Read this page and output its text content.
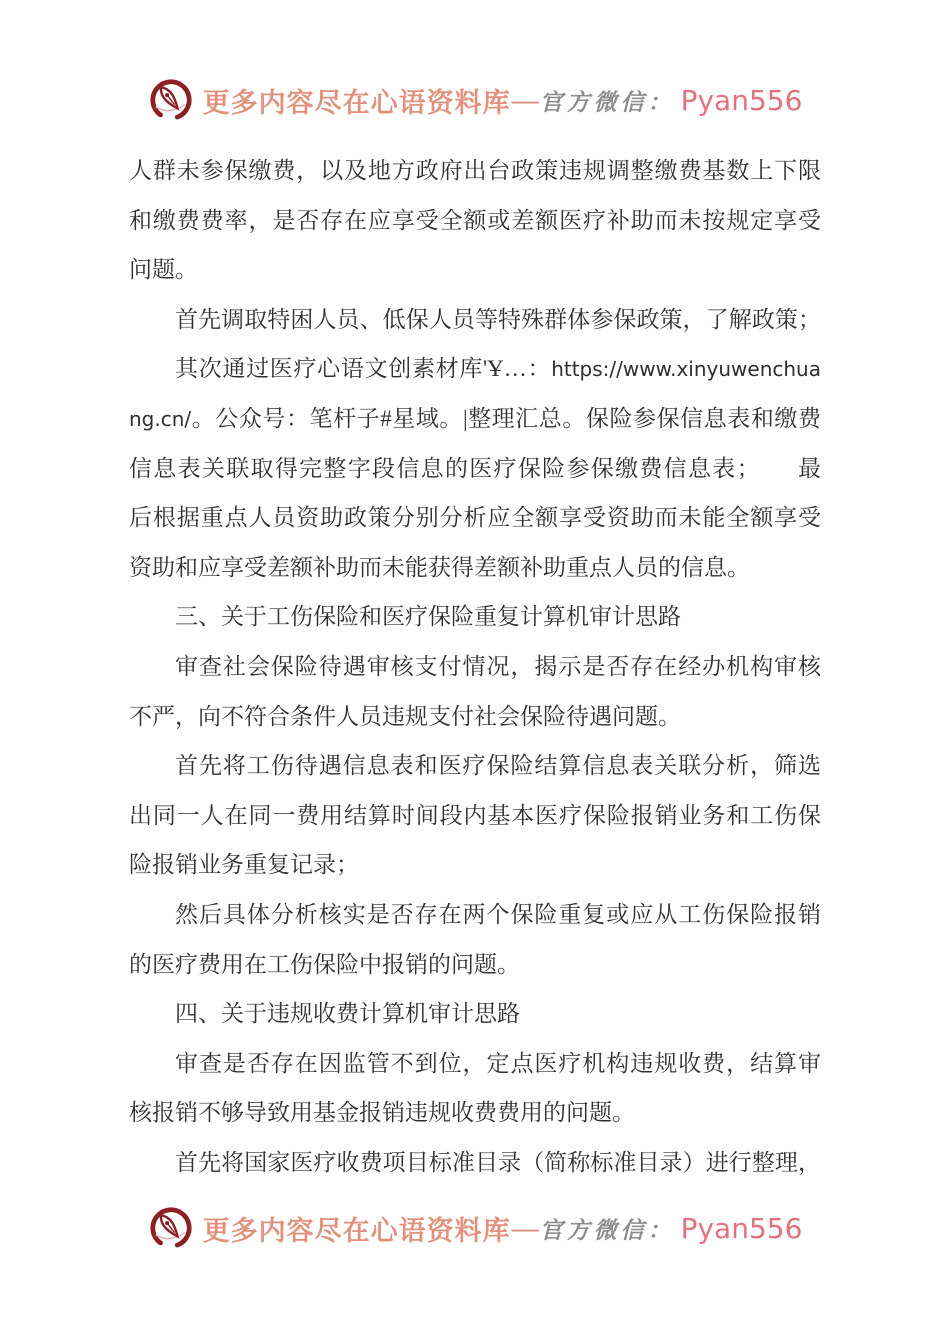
更多内容尽在心语资料库 — 官方微信： Pyan556
人群未参保缴费，以及地方政府出台政策违规调整缴费基数上下限
和缴费费率，是否存在应享受全额或差额医疗补助而未按规定享受
问题。
首先调取特困人员、低保人员等特殊群体参保政策，了解政策；
其次通过医疗心语文创素材库'Ұ…：https://www.xinyuwenchua
ng.cn/。公众号：笔杆子#星域。|整理汇总。保险参保信息表和缴费
信息表关联取得完整字段信息的医疗保险参保缴费信息表；　　最
后根据重点人员资助政策分别分析应全额享受资助而未能全额享受
资助和应享受差额补助而未能获得差额补助重点人员的信息。
三、关于工伤保险和医疗保险重复计算机审计思路
审查社会保险待遇审核支付情况，揭示是否存在经办机构审核
不严，向不符合条件人员违规支付社会保险待遇问题。
首先将工伤待遇信息表和医疗保险结算信息表关联分析，筛选
出同一人在同一费用结算时间段内基本医疗保险报销业务和工伤保
险报销业务重复记录；
然后具体分析核实是否存在两个保险重复或应从工伤保险报销
的医疗费用在工伤保险中报销的问题。
四、关于违规收费计算机审计思路
审查是否存在因监管不到位，定点医疗机构违规收费，结算审
核报销不够导致用基金报销违规收费费用的问题。
首先将国家医疗收费项目标准目录（简称标准目录）进行整理，
更多内容尽在心语资料库 — 官方微信： Pyan556
